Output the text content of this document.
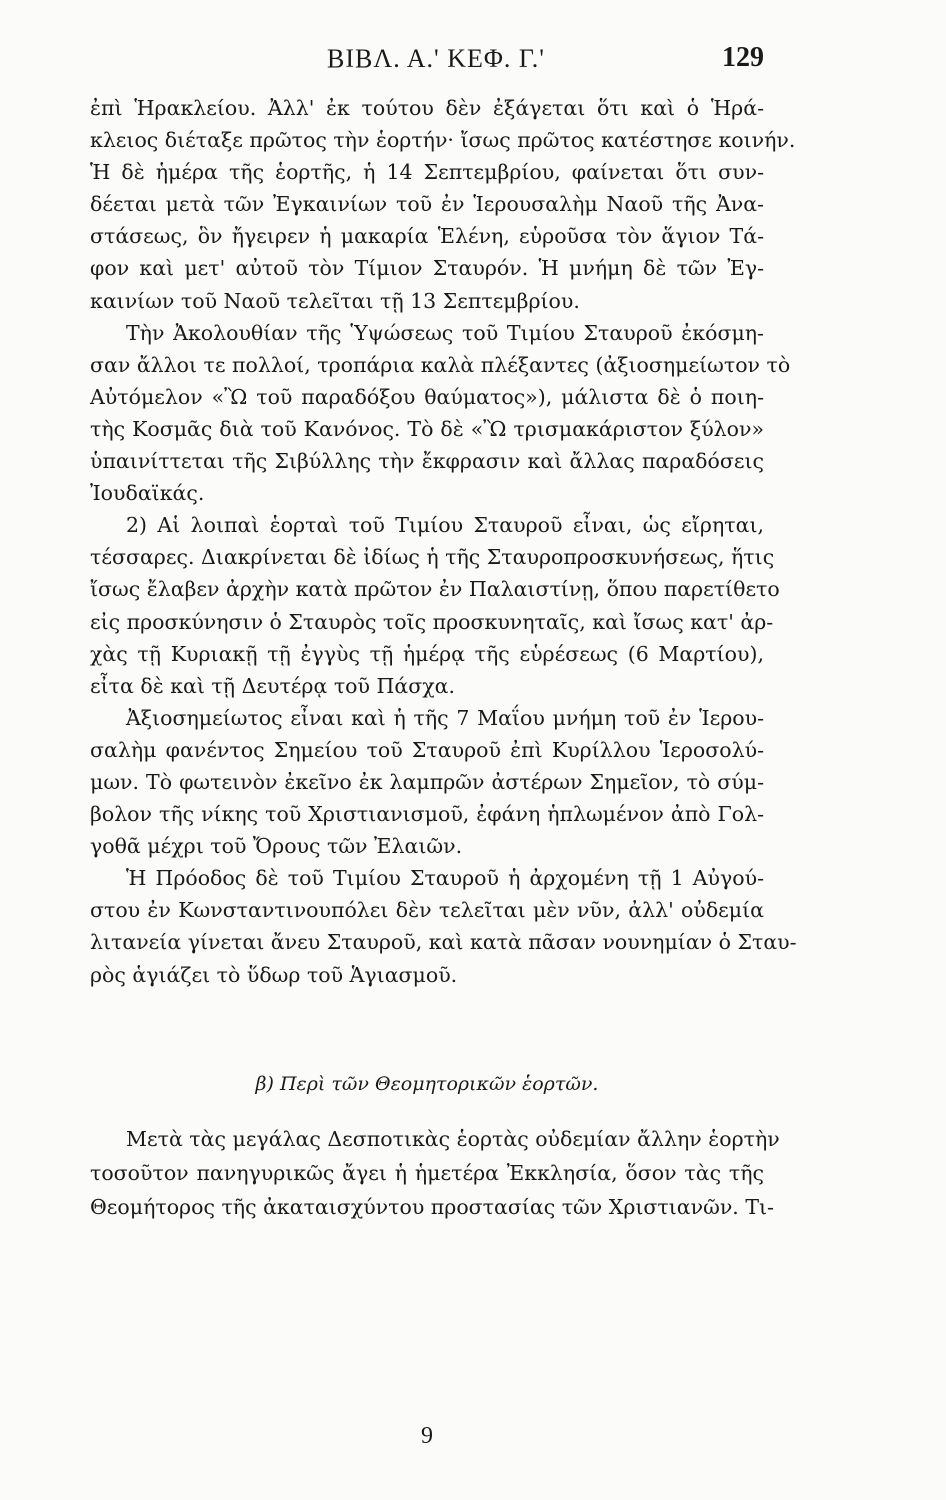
ΒΙΒΛ. Α.' ΚΕΦ. Γ.'	129
ἐπὶ Ἡρακλείου. Ἀλλ' ἐκ τούτου δὲν ἐξάγεται ὅτι καὶ ὁ Ἡρά-
κλειος διέταξε πρῶτος τὴν ἑορτήν· ἴσως πρῶτος κατέστησε κοινήν.
Ἡ δὲ ἡμέρα τῆς ἑορτῆς, ἡ 14 Σεπτεμβρίου, φαίνεται ὅτι συν-
δέεται μετὰ τῶν Ἐγκαινίων τοῦ ἐν Ἱερουσαλὴμ Ναοῦ τῆς Ἀνα-
στάσεως, ὃν ἤγειρεν ἡ μακαρία Ἑλένη, εὑροῦσα τὸν ἅγιον Τά-
φον καὶ μετ' αὐτοῦ τὸν Τίμιον Σταυρόν. Ἡ μνήμη δὲ τῶν Ἐγ-
καινίων τοῦ Ναοῦ τελεῖται τῇ 13 Σεπτεμβρίου.
Τὴν Ἀκολουθίαν τῆς Ὑψώσεως τοῦ Τιμίου Σταυροῦ ἐκόσμη-
σαν ἄλλοι τε πολλοί, τροπάρια καλὰ πλέξαντες (ἀξιοσημείωτον τὸ
Αὐτόμελον «Ὢ τοῦ παραδόξου θαύματος»), μάλιστα δὲ ὁ ποιη-
τὴς Κοσμᾶς διὰ τοῦ Κανόνος. Τὸ δὲ «Ὢ τρισμακάριστον ξύλον»
ὑπαινίττεται τῆς Σιβύλλης τὴν ἔκφρασιν καὶ ἄλλας παραδόσεις
Ἰουδαϊκάς.
2) Αἱ λοιπαὶ ἑορταὶ τοῦ Τιμίου Σταυροῦ εἶναι, ὡς εἴρηται,
τέσσαρες. Διακρίνεται δὲ ἰδίως ἡ τῆς Σταυροπροσκυνήσεως, ἥτις
ἴσως ἔλαβεν ἀρχὴν κατὰ πρῶτον ἐν Παλαιστίνῃ, ὅπου παρετίθετο
εἰς προσκύνησιν ὁ Σταυρὸς τοῖς προσκυνηταῖς, καὶ ἴσως κατ' ἀρ-
χὰς τῇ Κυριακῇ τῇ ἐγγὺς τῇ ἡμέρᾳ τῆς εὑρέσεως (6 Μαρτίου),
εἶτα δὲ καὶ τῇ Δευτέρᾳ τοῦ Πάσχα.
Ἀξιοσημείωτος εἶναι καὶ ἡ τῆς 7 Μαΐου μνήμη τοῦ ἐν Ἱερου-
σαλὴμ φανέντος Σημείου τοῦ Σταυροῦ ἐπὶ Κυρίλλου Ἱεροσολύ-
μων. Τὸ φωτεινὸν ἐκεῖνο ἐκ λαμπρῶν ἀστέρων Σημεῖον, τὸ σύμ-
βολον τῆς νίκης τοῦ Χριστιανισμοῦ, ἐφάνη ἡπλωμένον ἀπὸ Γολ-
γοθᾶ μέχρι τοῦ Ὄρους τῶν Ἐλαιῶν.
Ἡ Πρόοδος δὲ τοῦ Τιμίου Σταυροῦ ἡ ἀρχομένη τῇ 1 Αὐγού-
στου ἐν Κωνσταντινουπόλει δὲν τελεῖται μὲν νῦν, ἀλλ' οὐδεμία
λιτανεία γίνεται ἄνευ Σταυροῦ, καὶ κατὰ πᾶσαν νουνημίαν ὁ Σταυ-
ρὸς ἁγιάζει τὸ ὕδωρ τοῦ Ἁγιασμοῦ.
β) Περὶ τῶν Θεομητορικῶν ἑορτῶν.
Μετὰ τὰς μεγάλας Δεσποτικὰς ἑορτὰς οὐδεμίαν ἄλλην ἑορτὴν
τοσοῦτον πανηγυρικῶς ἄγει ἡ ἡμετέρα Ἐκκλησία, ὅσον τὰς τῆς
Θεομήτορος τῆς ἀκαταισχύντου προστασίας τῶν Χριστιανῶν. Τι-
9
